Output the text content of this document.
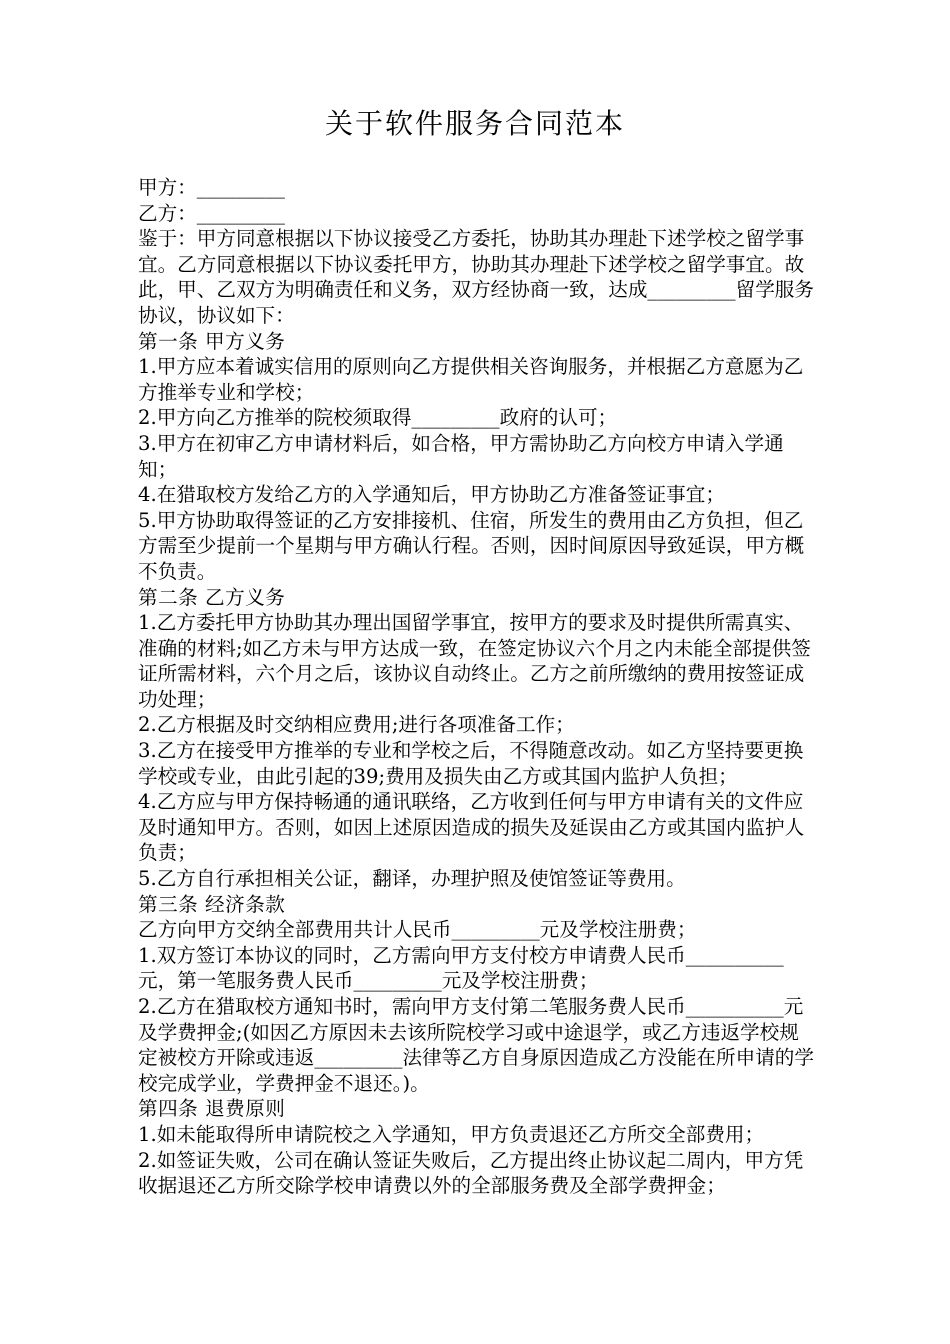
关于软件服务合同范本

甲方：_________

乙方：_________

鉴于：甲方同意根据以下协议接受乙方委托，协助其办理赴下述学校之留学事宜。乙方同意根据以下协议委托甲方，协助其办理赴下述学校之留学事宜。故此，甲、乙双方为明确责任和义务，双方经协商一致，达成_________留学服务协议，协议如下：

第一条 甲方义务

1.甲方应本着诚实信用的原则向乙方提供相关咨询服务，并根据乙方意愿为乙方推举专业和学校；

2.甲方向乙方推举的院校须取得_________政府的认可；

3.甲方在初审乙方申请材料后，如合格，甲方需协助乙方向校方申请入学通知；

4.在猎取校方发给乙方的入学通知后，甲方协助乙方准备签证事宜；

5.甲方协助取得签证的乙方安排接机、住宿，所发生的费用由乙方负担，但乙方需至少提前一个星期与甲方确认行程。否则，因时间原因导致延误，甲方概不负责。

第二条 乙方义务

1.乙方委托甲方协助其办理出国留学事宜，按甲方的要求及时提供所需真实、准确的材料;如乙方未与甲方达成一致，在签定协议六个月之内未能全部提供签证所需材料，六个月之后，该协议自动终止。乙方之前所缴纳的费用按签证成功处理；

2.乙方根据及时交纳相应费用;进行各项准备工作；

3.乙方在接受甲方推举的专业和学校之后，不得随意改动。如乙方坚持要更换学校或专业，由此引起的39;费用及损失由乙方或其国内监护人负担；

4.乙方应与甲方保持畅通的通讯联络，乙方收到任何与甲方申请有关的文件应及时通知甲方。否则，如因上述原因造成的损失及延误由乙方或其国内监护人负责；

5.乙方自行承担相关公证，翻译，办理护照及使馆签证等费用。

第三条 经济条款

乙方向甲方交纳全部费用共计人民币_________元及学校注册费；

1.双方签订本协议的同时，乙方需向甲方支付校方申请费人民币__________元，第一笔服务费人民币_________元及学校注册费；

2.乙方在猎取校方通知书时，需向甲方支付第二笔服务费人民币__________元及学费押金;(如因乙方原因未去该所院校学习或中途退学，或乙方违返学校规定被校方开除或违返_________法律等乙方自身原因造成乙方没能在所申请的学校完成学业，学费押金不退还。)。

第四条 退费原则

1.如未能取得所申请院校之入学通知，甲方负责退还乙方所交全部费用；

2.如签证失败，公司在确认签证失败后，乙方提出终止协议起二周内，甲方凭收据退还乙方所交除学校申请费以外的全部服务费及全部学费押金；
